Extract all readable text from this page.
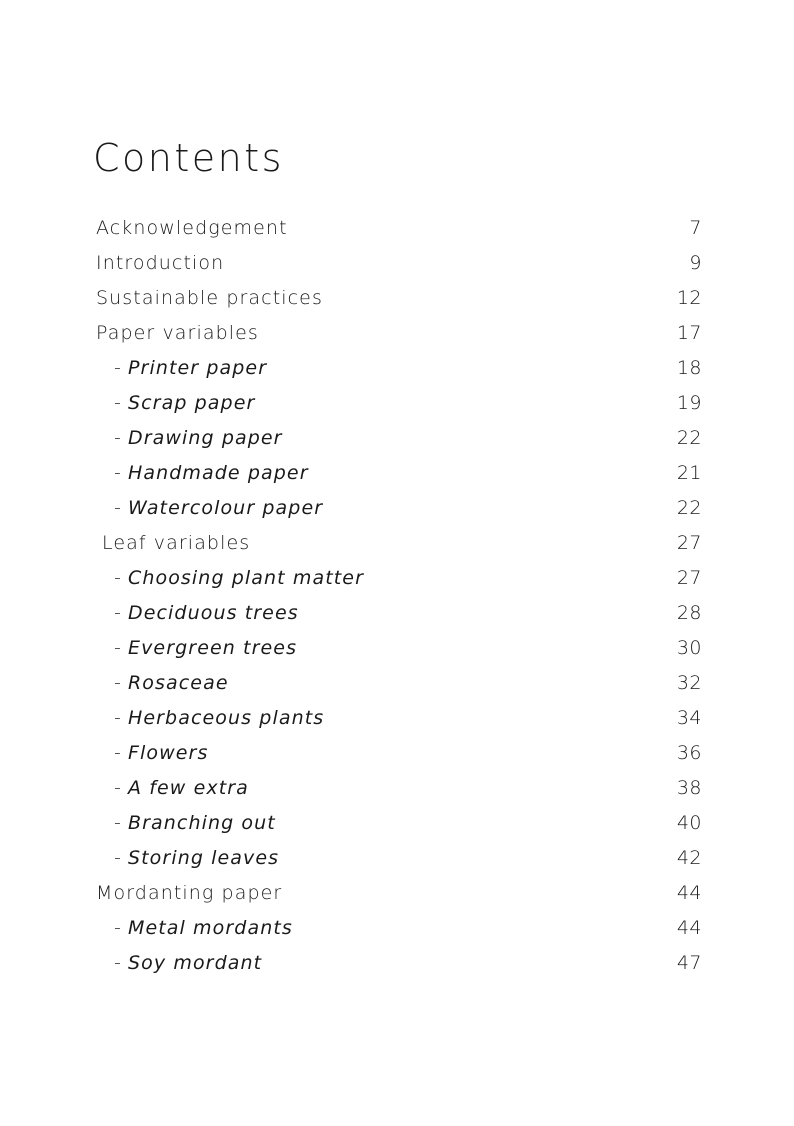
Contents
Acknowledgement	7
Introduction	9
Sustainable practices	12
Paper variables	17
- Printer paper	18
- Scrap paper	19
- Drawing paper	22
- Handmade paper	21
- Watercolour paper	22
Leaf variables	27
- Choosing plant matter	27
- Deciduous trees	28
- Evergreen trees	30
- Rosaceae	32
- Herbaceous plants	34
- Flowers	36
- A few extra	38
- Branching out	40
- Storing leaves	42
Mordanting paper	44
- Metal mordants	44
- Soy mordant	47
